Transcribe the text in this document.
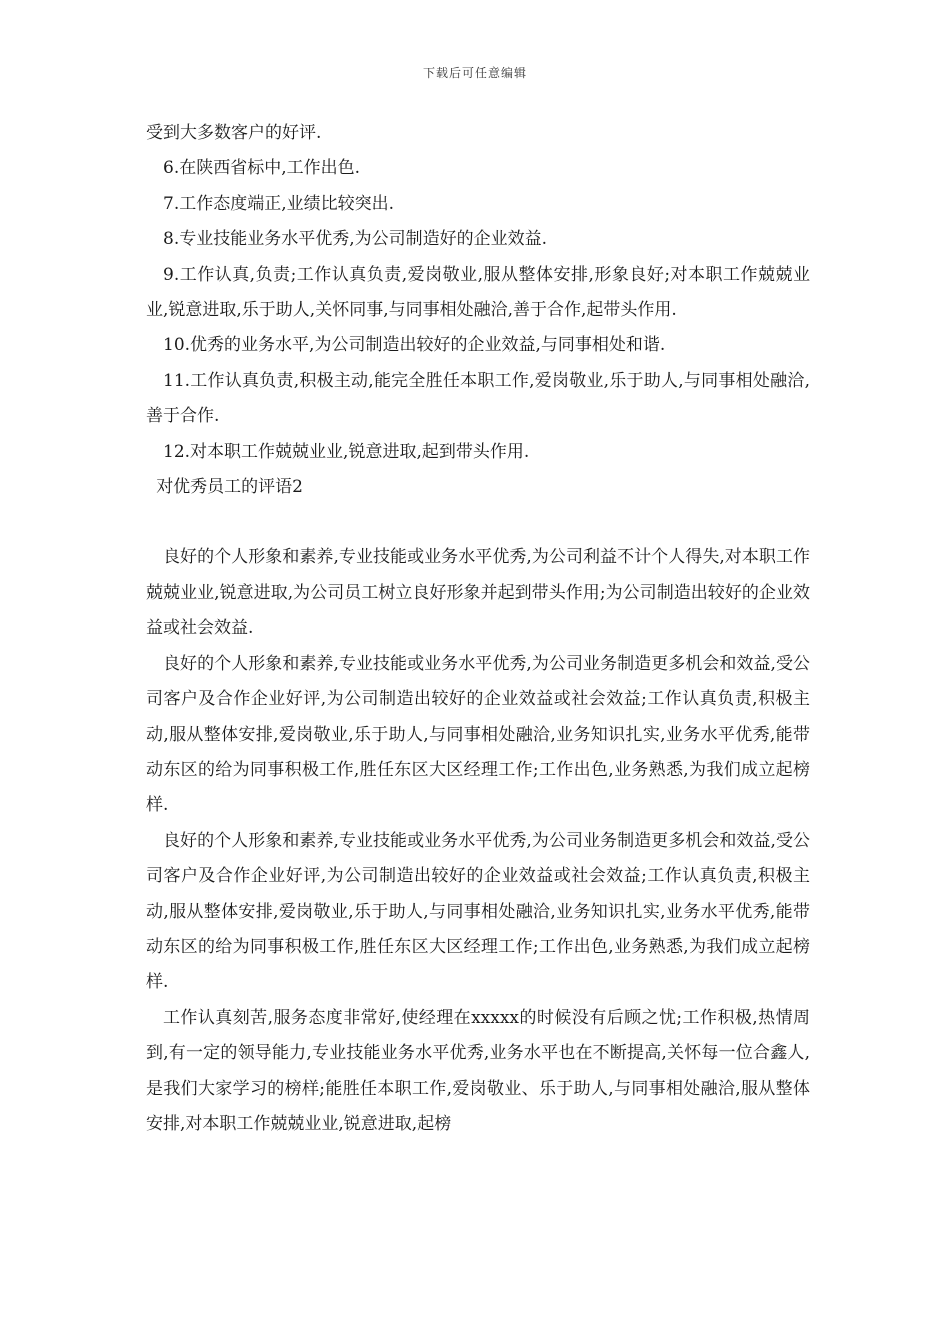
下载后可任意编辑

受到大多数客户的好评.

6.在陕西省标中,工作出色.

7.工作态度端正,业绩比较突出.

8.专业技能业务水平优秀,为公司制造好的企业效益.

9.工作认真,负责;工作认真负责,爱岗敬业,服从整体安排,形象良好;对本职工作兢兢业业,锐意进取,乐于助人,关怀同事,与同事相处融洽,善于合作,起带头作用.

10.优秀的业务水平,为公司制造出较好的企业效益,与同事相处和谐.

11.工作认真负责,积极主动,能完全胜任本职工作,爱岗敬业,乐于助人,与同事相处融洽,善于合作.

12.对本职工作兢兢业业,锐意进取,起到带头作用.

对优秀员工的评语2

良好的个人形象和素养,专业技能或业务水平优秀,为公司利益不计个人得失,对本职工作兢兢业业,锐意进取,为公司员工树立良好形象并起到带头作用;为公司制造出较好的企业效益或社会效益.

良好的个人形象和素养,专业技能或业务水平优秀,为公司业务制造更多机会和效益,受公司客户及合作企业好评,为公司制造出较好的企业效益或社会效益;工作认真负责,积极主动,服从整体安排,爱岗敬业,乐于助人,与同事相处融洽,业务知识扎实,业务水平优秀,能带动东区的给为同事积极工作,胜任东区大区经理工作;工作出色,业务熟悉,为我们成立起榜样.

良好的个人形象和素养,专业技能或业务水平优秀,为公司业务制造更多机会和效益,受公司客户及合作企业好评,为公司制造出较好的企业效益或社会效益;工作认真负责,积极主动,服从整体安排,爱岗敬业,乐于助人,与同事相处融洽,业务知识扎实,业务水平优秀,能带动东区的给为同事积极工作,胜任东区大区经理工作;工作出色,业务熟悉,为我们成立起榜样.

工作认真刻苦,服务态度非常好,使经理在xxxxx的时候没有后顾之忧;工作积极,热情周到,有一定的领导能力,专业技能业务水平优秀,业务水平也在不断提高,关怀每一位合鑫人,是我们大家学习的榜样;能胜任本职工作,爱岗敬业、乐于助人,与同事相处融洽,服从整体安排,对本职工作兢兢业业,锐意进取,起榜
